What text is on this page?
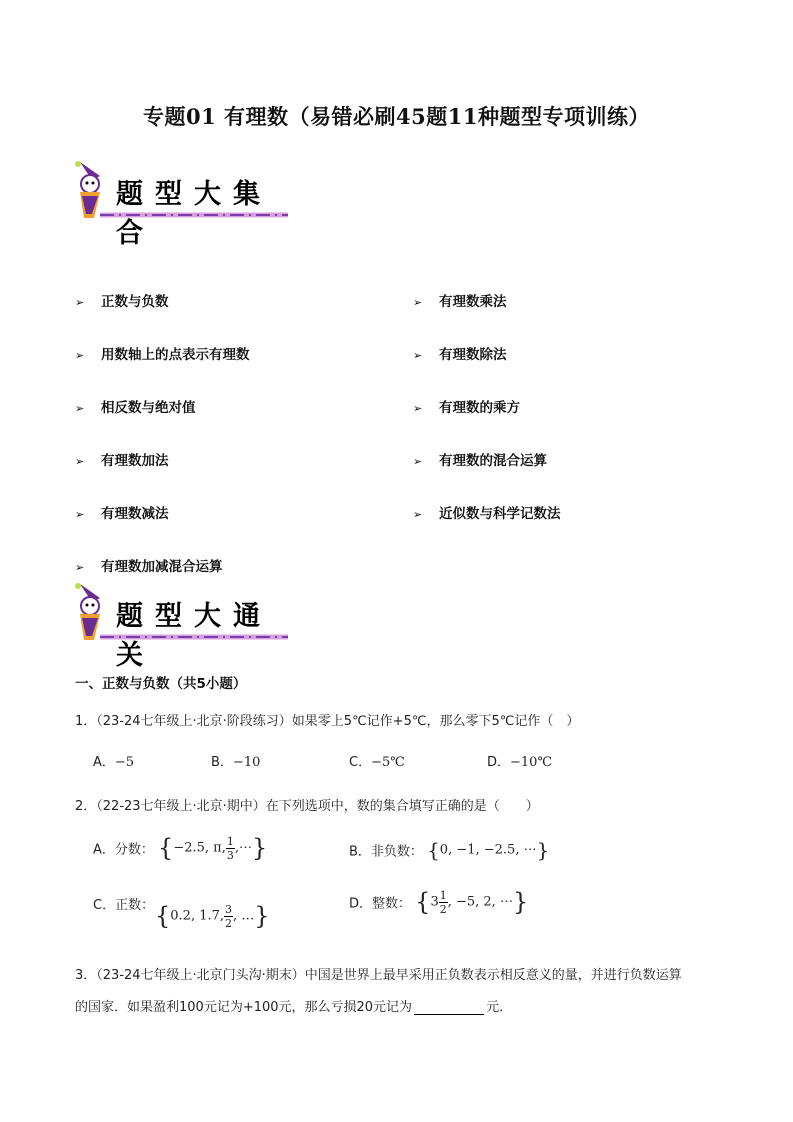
专题01 有理数（易错必刷45题11种题型专项训练）
题型大集合
➢ 正数与负数
➢ 用数轴上的点表示有理数
➢ 相反数与绝对值
➢ 有理数加法
➢ 有理数减法
➢ 有理数加减混合运算
➢ 有理数乘法
➢ 有理数除法
➢ 有理数的乘方
➢ 有理数的混合运算
➢ 近似数与科学记数法
题型大通关
一、正数与负数（共5小题）
1．（23-24七年级上·北京·阶段练习）如果零上5℃记作+5℃，那么零下5℃记作（　）
A．−5	B．−10	C．−5℃	D．−10℃
2．（22-23七年级上·北京·期中）在下列选项中，数的集合填写正确的是（　　）
A．分数： {−2.5, π, $\frac{1}{3}$ ,⋯}	B．非负数： {0, −1, −2.5, ⋯}
C．正数： {0.2, 1.7, $\frac{3}{2}$ , …}	D．整数： {$3 \frac{1}{2}$ , −5, 2, ⋯}
3．（23-24七年级上·北京门头沟·期末）中国是世界上最早采用正负数表示相反意义的量，并进行负数运算
的国家．如果盈利100元记为+100元，那么亏损20元记为	元．
